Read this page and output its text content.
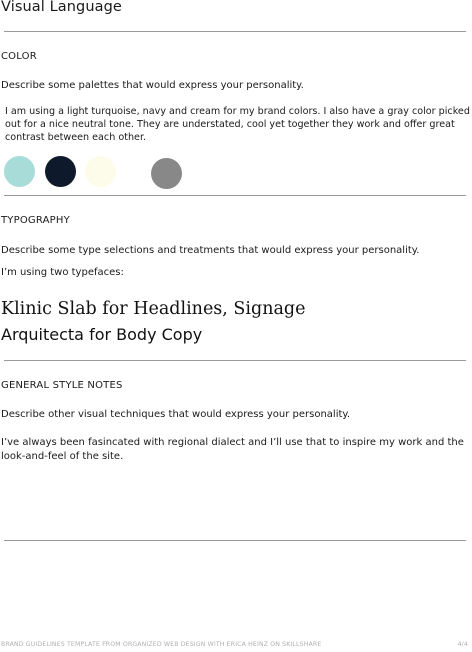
Visual Language
COLOR
Describe some palettes that would express your personality.
I am using a light turquoise, navy and cream for my brand colors. I also have a gray color picked
out for a nice neutral tone. They are understated, cool yet together they work and offer great
contrast between each other.
TYPOGRAPHY
Describe some type selections and treatments that would express your personality.
I’m using two typefaces:
Klinic Slab for Headlines, Signage
Arquitecta for Body Copy
GENERAL STYLE NOTES
Describe other visual techniques that would express your personality.
I’ve always been fasincated with regional dialect and I’ll use that to inspire my work and the
look-and-feel of the site.
BRAND GUIDELINES TEMPLATE FROM ORGANIZED WEB DESIGN WITH ERICA HEINZ ON SKILLSHARE	4/4
